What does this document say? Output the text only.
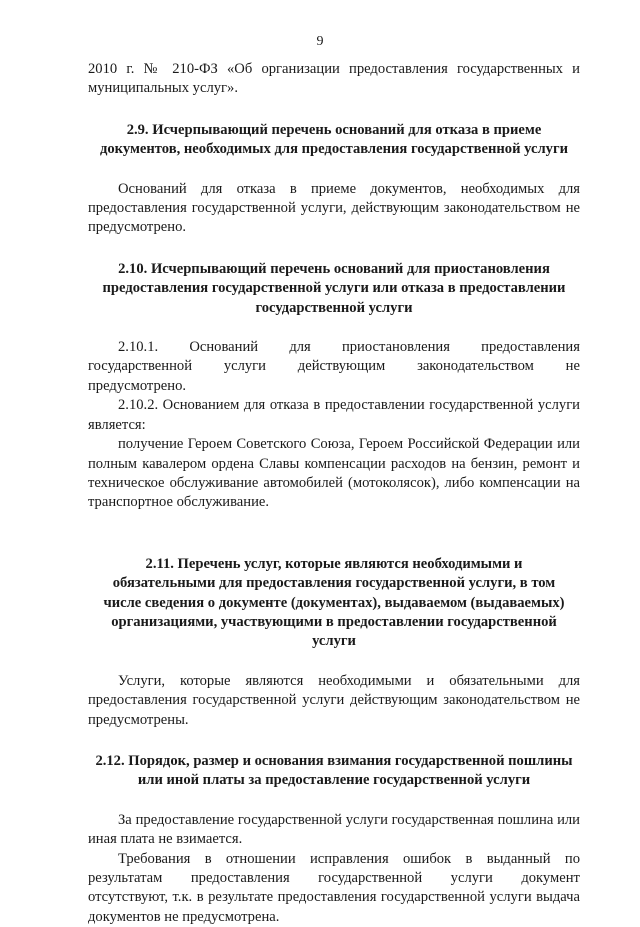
9

2010 г. № 210-ФЗ «Об организации предоставления государственных и муниципальных услуг».

2.9. Исчерпывающий перечень оснований для отказа в приеме документов, необходимых для предоставления государственной услуги

Оснований для отказа в приеме документов, необходимых для предоставления государственной услуги, действующим законодательством не предусмотрено.

2.10. Исчерпывающий перечень оснований для приостановления предоставления государственной услуги или отказа в предоставлении государственной услуги

2.10.1. Оснований для приостановления предоставления
государственной услуги действующим законодательством не
предусмотрено.

2.10.2. Основанием для отказа в предоставлении государственной услуги является:

получение Героем Советского Союза, Героем Российской Федерации или полным кавалером ордена Славы компенсации расходов на бензин, ремонт и техническое обслуживание автомобилей (мотоколясок), либо компенсации на транспортное обслуживание.

2.11. Перечень услуг, которые являются необходимыми и обязательными для предоставления государственной услуги, в том числе сведения о документе (документах), выдаваемом (выдаваемых) организациями, участвующими в предоставлении государственной услуги

Услуги, которые являются необходимыми и обязательными для предоставления государственной услуги действующим законодательством не предусмотрены.

2.12. Порядок, размер и основания взимания государственной пошлины или иной платы за предоставление государственной услуги

За предоставление государственной услуги государственная пошлина или иная плата не взимается.

Требования в отношении исправления ошибок в выданный по
результатам предоставления государственной услуги документ

отсутствуют, т.к. в результате предоставления государственной услуги выдача документов не предусмотрена.
